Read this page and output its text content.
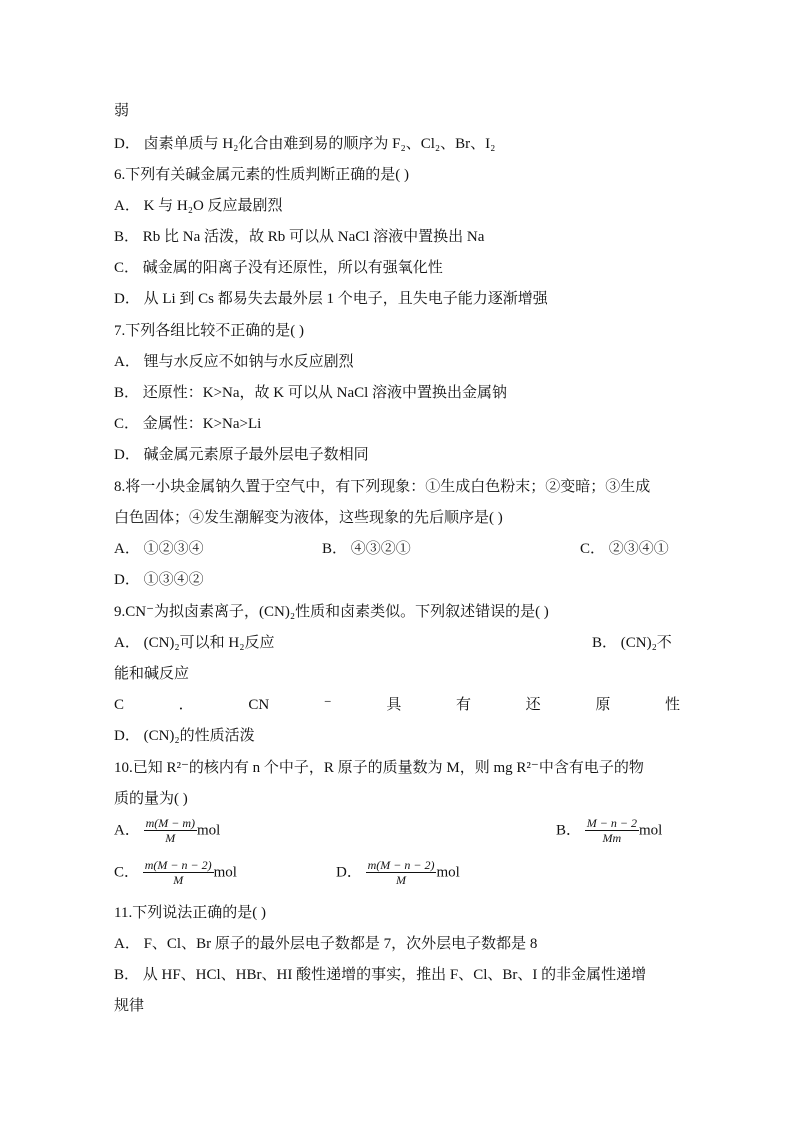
弱
D． 卤素单质与 H₂化合由难到易的顺序为 F₂、Cl₂、Br、I₂
6.下列有关碱金属元素的性质判断正确的是( )
A． K 与 H₂O 反应最剧烈
B． Rb 比 Na 活泼，故 Rb 可以从 NaCl 溶液中置换出 Na
C． 碱金属的阳离子没有还原性，所以有强氧化性
D． 从 Li 到 Cs 都易失去最外层 1 个电子，且失电子能力逐渐增强
7.下列各组比较不正确的是( )
A． 锂与水反应不如钠与水反应剧烈
B． 还原性：K>Na，故 K 可以从 NaCl 溶液中置换出金属钠
C． 金属性：K>Na>Li
D． 碱金属元素原子最外层电子数相同
8.将一小块金属钠久置于空气中，有下列现象：①生成白色粉末；②变暗；③生成
白色固体；④发生潮解变为液体，这些现象的先后顺序是( )
A． ①②③④	B． ④③②①	C． ②③④①
D． ①③④②
9.CN⁻为拟卤素离子，(CN)₂性质和卤素类似。下列叙述错误的是( )
A． (CN)₂可以和 H₂反应	B． (CN)₂不
能和碱反应
C	．	CN	⁻	具	有	还	原	性
D． (CN)₂的性质活泼
10.已知 R²⁻的核内有 n 个中子，R 原子的质量数为 M，则 mg R²⁻中含有电子的物
质的量为( )
A． $\frac{m(M - m)}{M}$ mol	B． $\frac{M - n - 2}{Mm}$ mol
C． $\frac{m(M - n - 2)}{M}$ mol	D． $\frac{m(M - n - 2)}{M}$ mol
11.下列说法正确的是( )
A． F、Cl、Br 原子的最外层电子数都是 7，次外层电子数都是 8
B． 从 HF、HCl、HBr、HI 酸性递增的事实，推出 F、Cl、Br、I 的非金属性递增
规律
